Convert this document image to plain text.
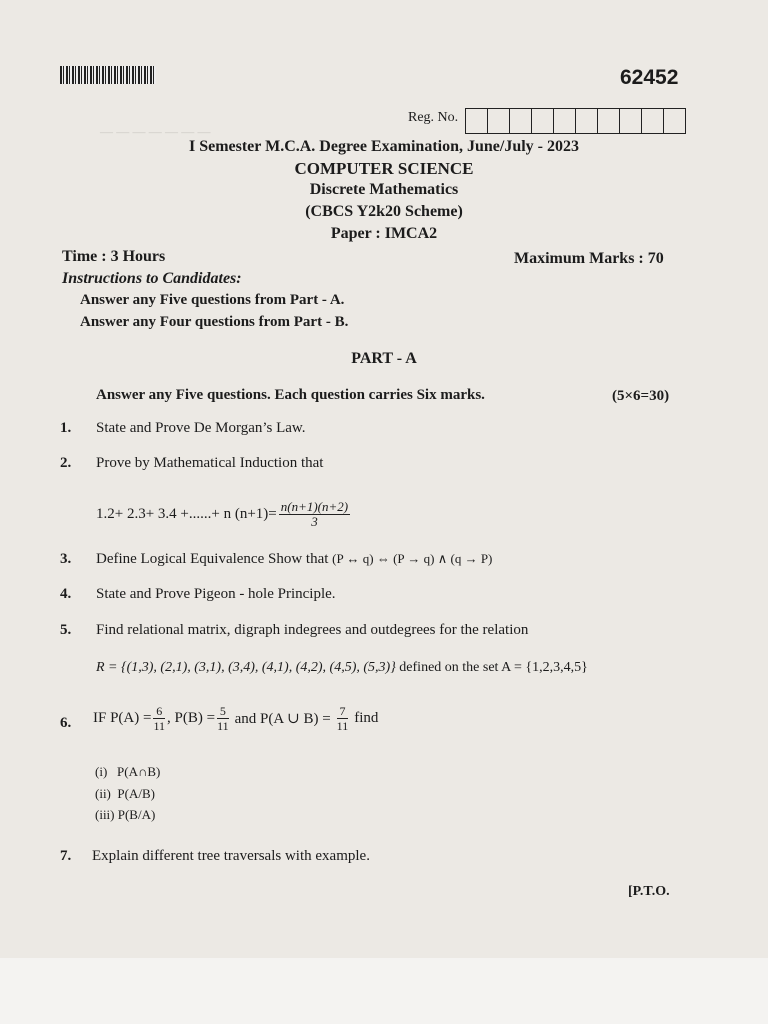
— — — — — — —
62452
Reg. No.
I Semester M.C.A. Degree Examination, June/July - 2023
COMPUTER SCIENCE
Discrete Mathematics
(CBCS Y2k20 Scheme)
Paper : IMCA2
Time : 3 Hours	Maximum Marks : 70
Instructions to Candidates:
Answer any Five questions from Part - A.
Answer any Four questions from Part - B.
PART - A
Answer any Five questions. Each question carries Six marks.	(5×6=30)
1. State and Prove De Morgan’s Law.
2. Prove by Mathematical Induction that
1.2+ 2.3+ 3.4 +......+ n $(n+1)= \frac{n(n+1)(n+2)}{3}$
3. Define Logical Equivalence Show that (P ↔ q) ⇔ (P → q) ∧ (q → P)
4. State and Prove Pigeon - hole Principle.
5. Find relational matrix, digraph indegrees and outdegrees for the relation
R = {(1,3), (2,1), (3,1), (3,4), (4,1), (4,2), (4,5), (5,3)} defined on the set A = {1,2,3,4,5}
6. IF $P(A) = \frac{6}{11}$ , $P(B) = \frac{5}{11}$ and P(A ∪ $B) = \frac{7}{11}$ find
(i)   P(A∩B)
(ii)  P(A/B)
(iii) P(B/A)
7. Explain different tree traversals with example.
[P.T.O.
